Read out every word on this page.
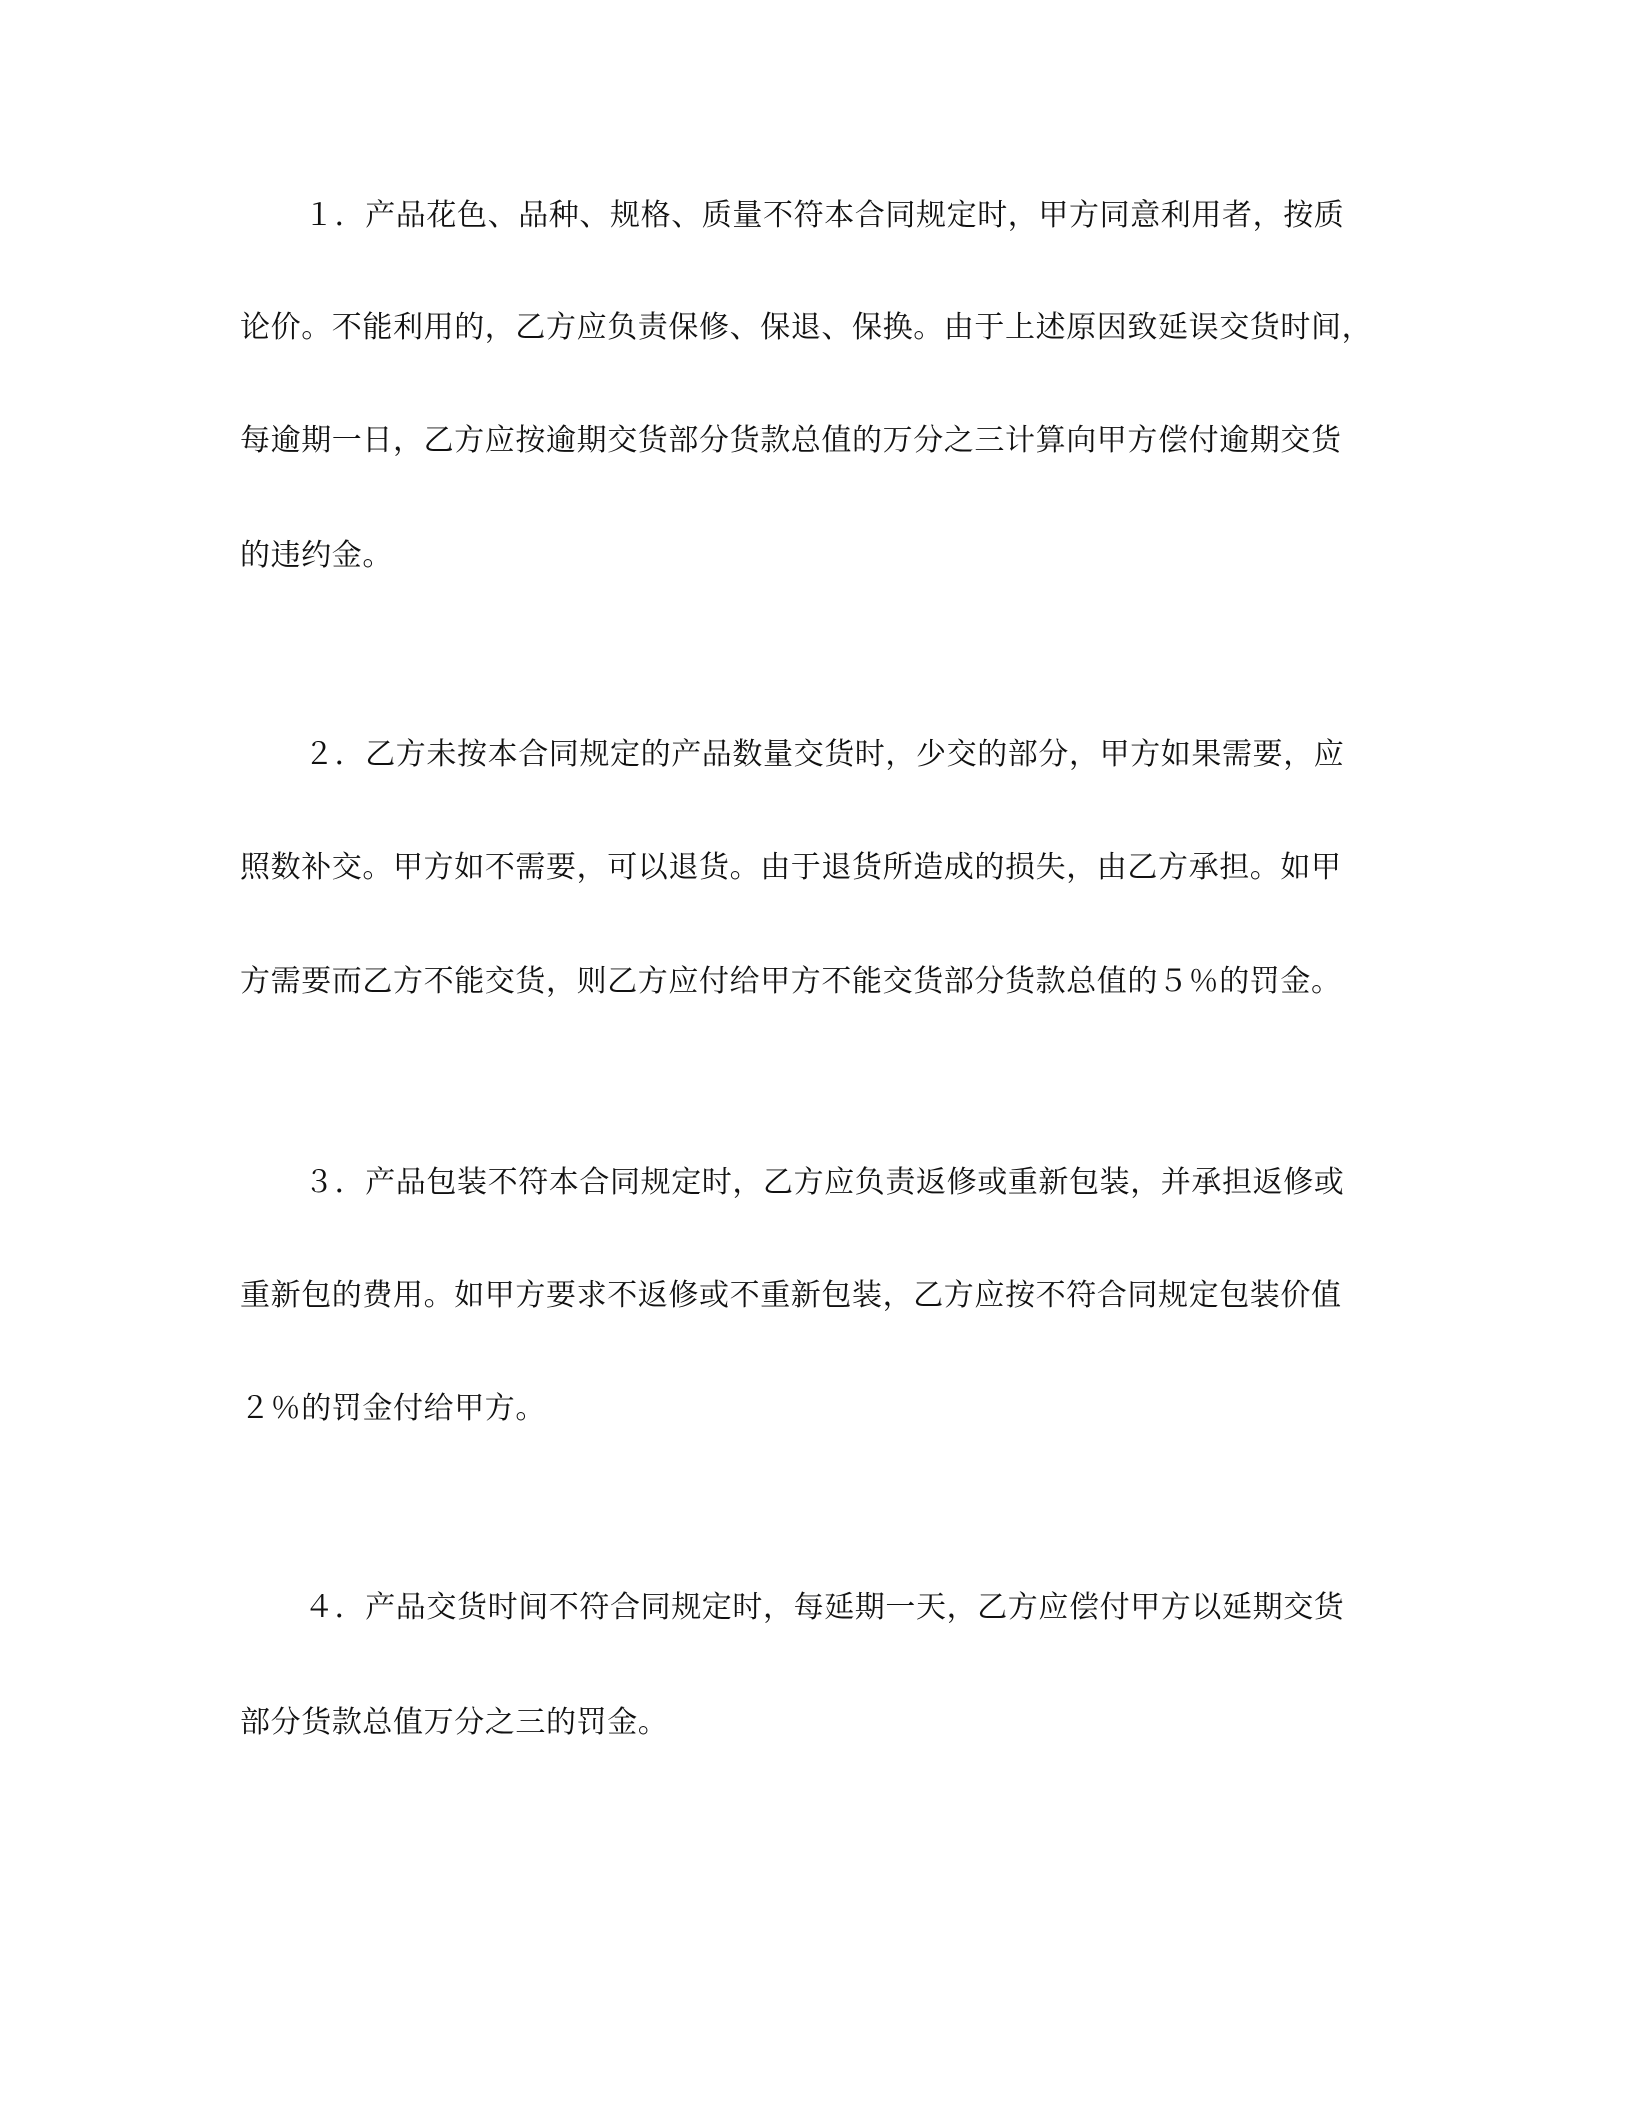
１．产品花色、品种、规格、质量不符本合同规定时，甲方同意利用者，按质
论价。不能利用的，乙方应负责保修、保退、保换。由于上述原因致延误交货时间，
每逾期一日，乙方应按逾期交货部分货款总值的万分之三计算向甲方偿付逾期交货
的违约金。
２．乙方未按本合同规定的产品数量交货时，少交的部分，甲方如果需要，应
照数补交。甲方如不需要，可以退货。由于退货所造成的损失，由乙方承担。如甲
方需要而乙方不能交货，则乙方应付给甲方不能交货部分货款总值的５％的罚金。
３．产品包装不符本合同规定时，乙方应负责返修或重新包装，并承担返修或
重新包的费用。如甲方要求不返修或不重新包装，乙方应按不符合同规定包装价值
２％的罚金付给甲方。
４．产品交货时间不符合同规定时，每延期一天，乙方应偿付甲方以延期交货
部分货款总值万分之三的罚金。
